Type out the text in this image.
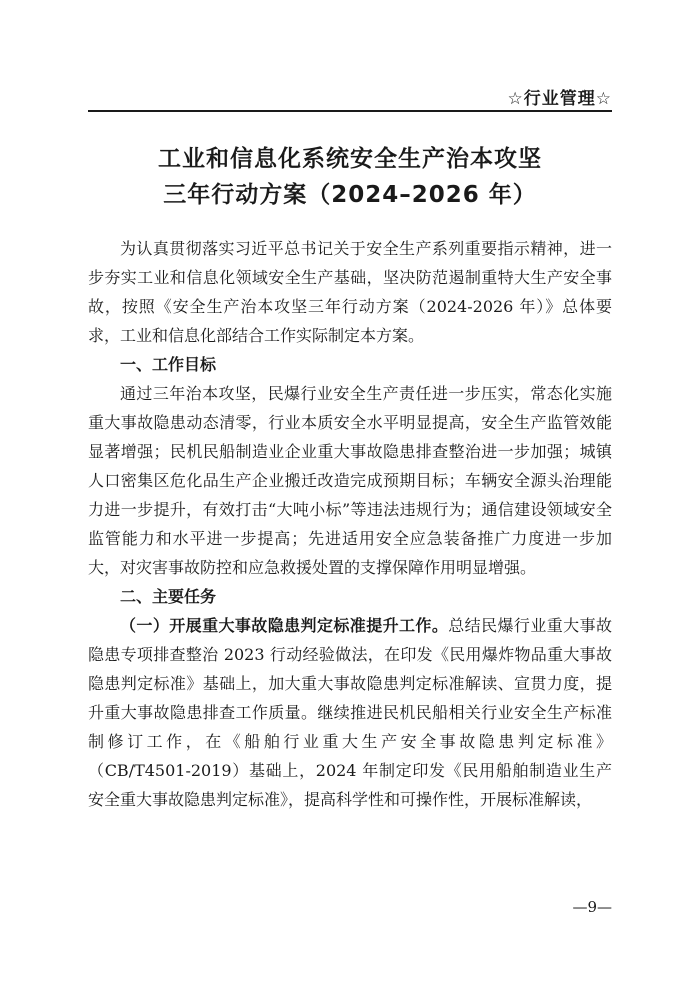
☆行业管理☆
工业和信息化系统安全生产治本攻坚
三年行动方案（2024–2026 年）

为认真贯彻落实习近平总书记关于安全生产系列重要指示精神，进一步夯实工业和信息化领域安全生产基础，坚决防范遏制重特大生产安全事故，按照《安全生产治本攻坚三年行动方案（2024-2026 年）》总体要求，工业和信息化部结合工作实际制定本方案。

一、工作目标

通过三年治本攻坚，民爆行业安全生产责任进一步压实，常态化实施重大事故隐患动态清零，行业本质安全水平明显提高，安全生产监管效能显著增强；民机民船制造业企业重大事故隐患排查整治进一步加强；城镇人口密集区危化品生产企业搬迁改造完成预期目标；车辆安全源头治理能力进一步提升，有效打击“大吨小标”等违法违规行为；通信建设领域安全监管能力和水平进一步提高；先进适用安全应急装备推广力度进一步加大，对灾害事故防控和应急救援处置的支撑保障作用明显增强。

二、主要任务

（一）开展重大事故隐患判定标准提升工作。总结民爆行业重大事故隐患专项排查整治 2023 行动经验做法，在印发《民用爆炸物品重大事故隐患判定标准》基础上，加大重大事故隐患判定标准解读、宣贯力度，提升重大事故隐患排查工作质量。继续推进民机民船相关行业安全生产标准制修订工作，在《船舶行业重大生产安全事故隐患判定标准》（CB/T4501-2019）基础上，2024 年制定印发《民用船舶制造业生产安全重大事故隐患判定标准》，提高科学性和可操作性，开展标准解读，

—9—
